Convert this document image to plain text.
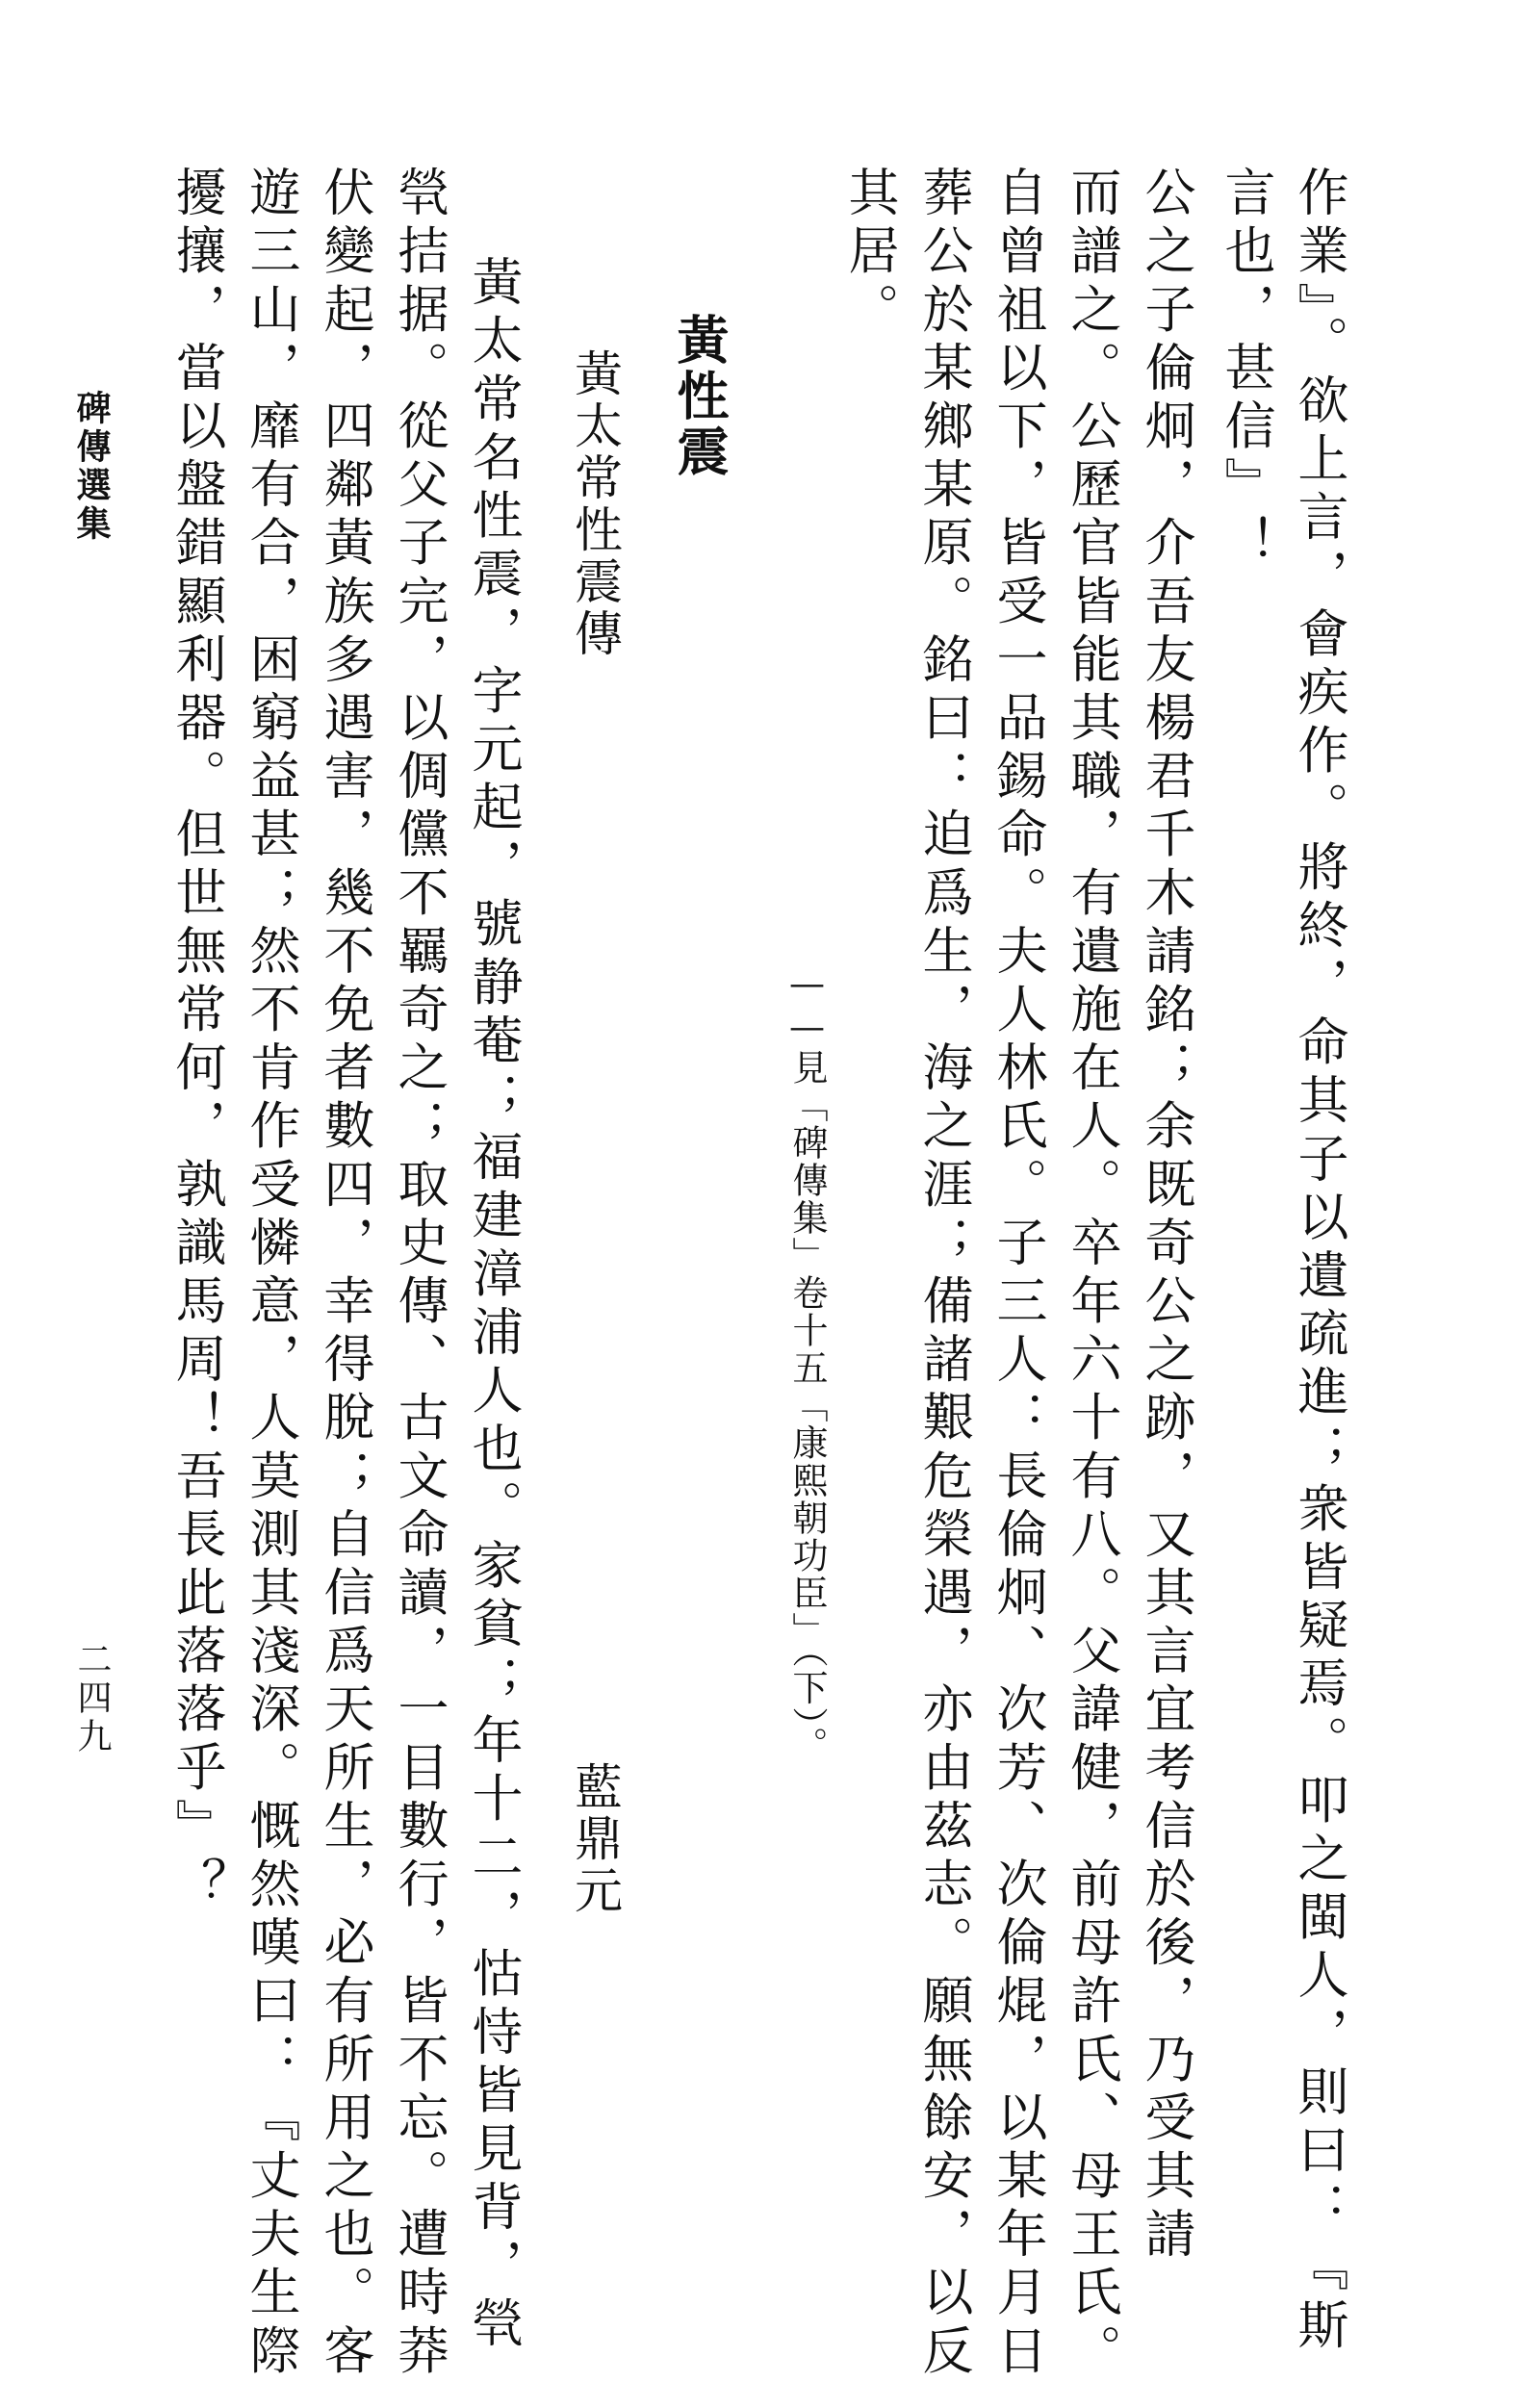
作業』。欲上言，會疾作。將終，命其子以遺疏進；衆皆疑焉。叩之閩人，則曰：『斯
言也，甚信』！
公之子倫炯，介吾友楊君千木請銘；余既奇公之跡，又其言宜考信於後，乃受其請
而譜之。公歷官皆能其職，有遺施在人。卒年六十有八。父諱健，前母許氏、母王氏。
自曾祖以下，皆受一品錫命。夫人林氏。子三人：長倫炯、次芳、次倫焜，以某年月日
葬公於某鄉某原。銘曰：迫爲生，海之涯；備諸艱危榮遇，亦由茲志。願無餘安，以反
其居。
——見「碑傳集」卷十五「康熙朝功臣」（下）。
黃性震
黃太常性震傳
藍鼎元
黃太常名性震，字元起，號静菴；福建漳浦人也。家貧；年十二，怙恃皆見背，煢
煢拮据。從父子完，以倜儻不羈奇之；取史傳、古文命讀，一目數行，皆不忘。遭時莽
伏變起，四鄰黃族多遇害，幾不免者數四，幸得脫；自信爲天所生，必有所用之也。客
遊三山，靡有合，困窮益甚；然不肯作受憐意，人莫測其淺深。慨然嘆曰：『丈夫生際
擾攘，當以盤錯顯利器。但世無常何，孰識馬周！吾長此落落乎』？
碑傳選集
二四九
